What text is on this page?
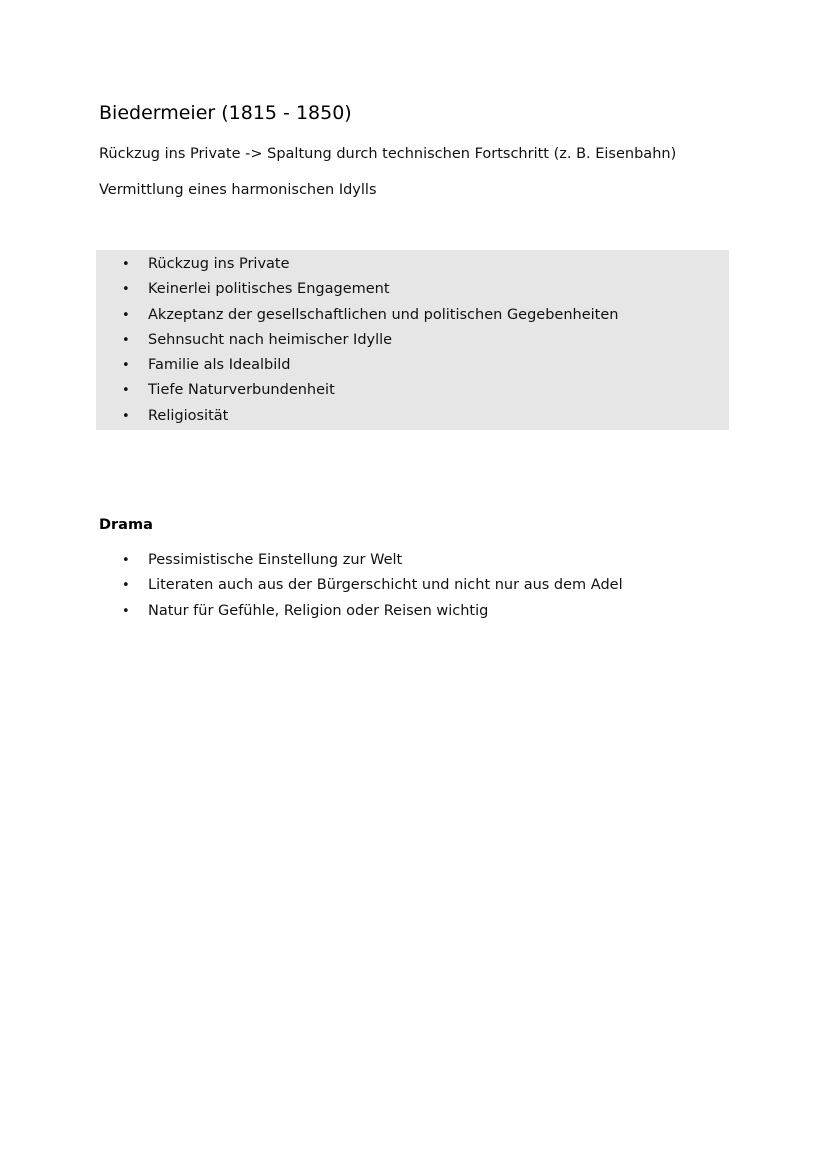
Biedermeier (1815 - 1850)

Rückzug ins Private -> Spaltung durch technischen Fortschritt (z. B. Eisenbahn)

Vermittlung eines harmonischen Idylls

• Rückzug ins Private
• Keinerlei politisches Engagement
• Akzeptanz der gesellschaftlichen und politischen Gegebenheiten
• Sehnsucht nach heimischer Idylle
• Familie als Idealbild
• Tiefe Naturverbundenheit
• Religiosität
Drama
• Pessimistische Einstellung zur Welt
• Literaten auch aus der Bürgerschicht und nicht nur aus dem Adel
• Natur für Gefühle, Religion oder Reisen wichtig
